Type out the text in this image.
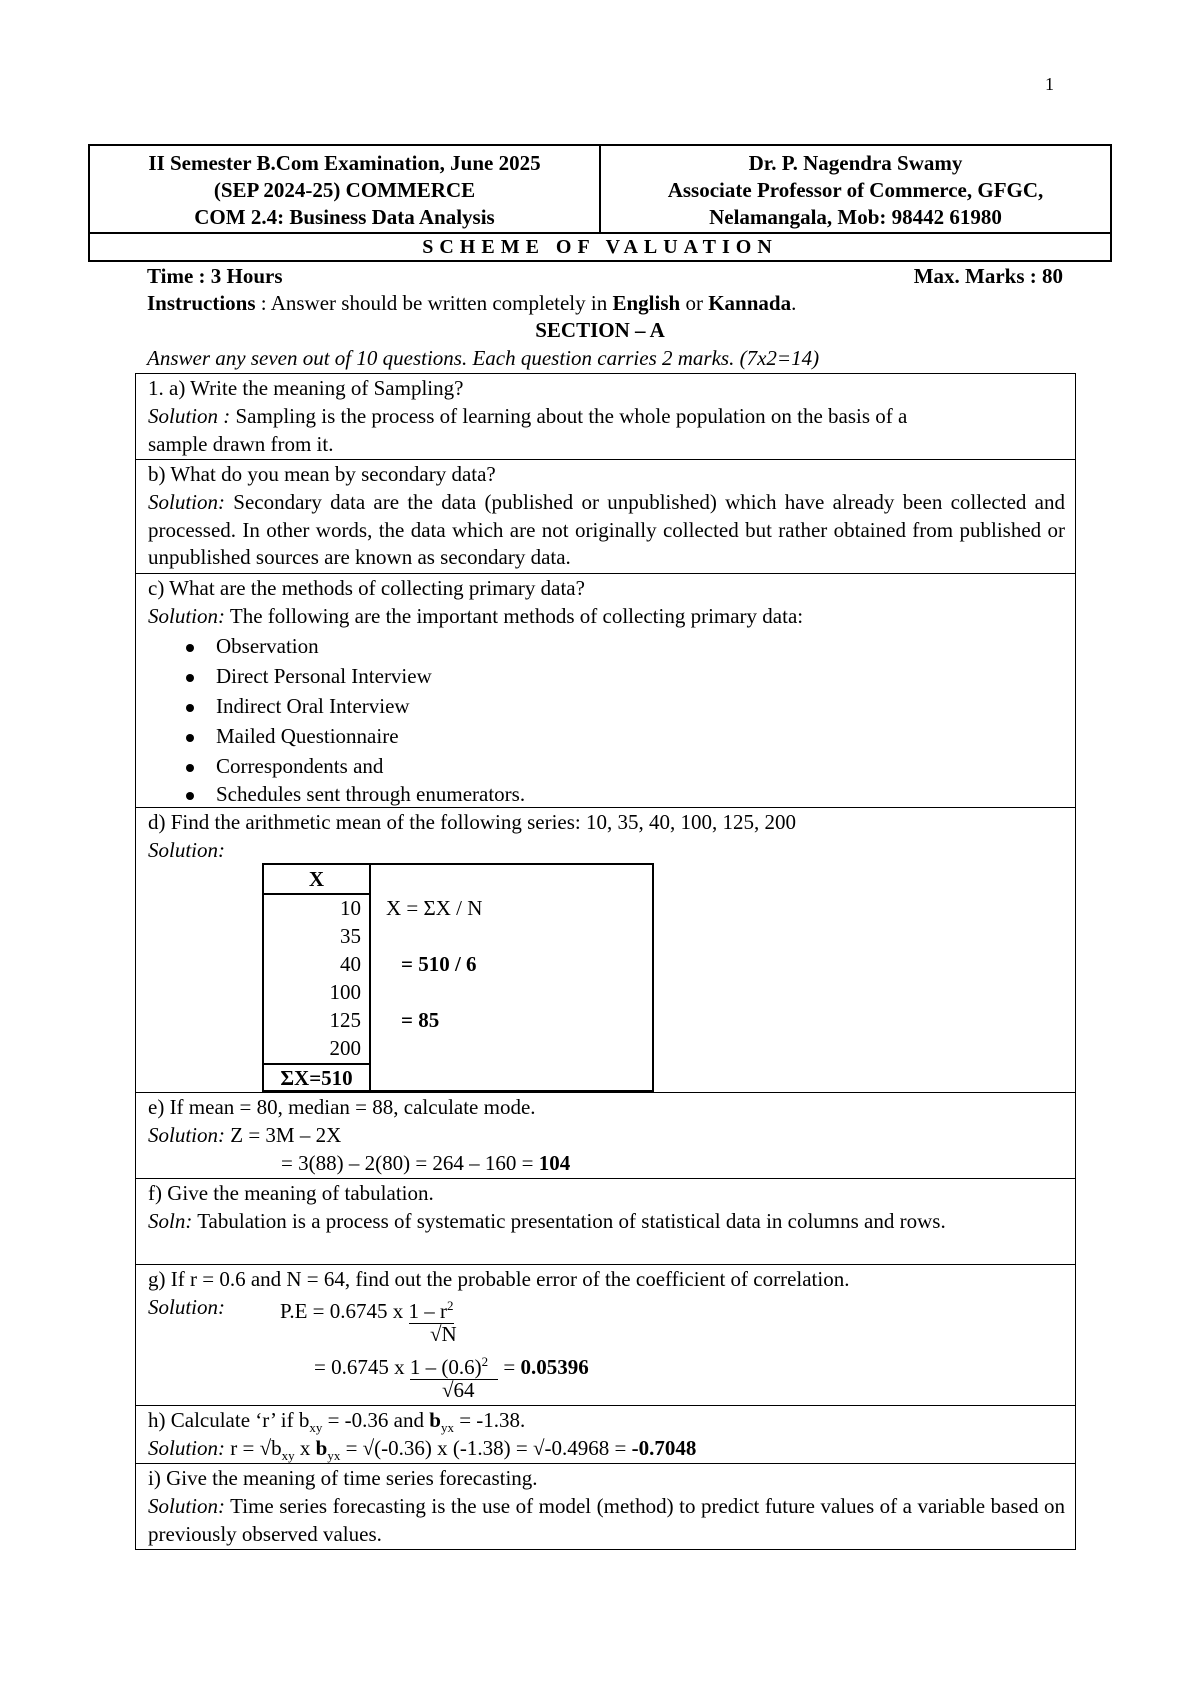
1
II Semester B.Com Examination, June 2025
(SEP 2024-25) COMMERCE
COM 2.4: Business Data Analysis
Dr. P. Nagendra Swamy
Associate Professor of Commerce, GFGC,
Nelamangala, Mob: 98442 61980
SCHEME OF VALUATION
Time : 3 Hours	Max. Marks : 80
Instructions : Answer should be written completely in English or Kannada.
SECTION – A
Answer any seven out of 10 questions. Each question carries 2 marks. (7x2=14)
1. a) Write the meaning of Sampling?
Solution : Sampling is the process of learning about the whole population on the basis of a
sample drawn from it.
b) What do you mean by secondary data?
Solution: Secondary data are the data (published or unpublished) which have already been collected and processed. In other words, the data which are not originally collected but rather obtained from published or unpublished sources are known as secondary data.
c) What are the methods of collecting primary data?
Solution: The following are the important methods of collecting primary data:
Observation
Direct Personal Interview
Indirect Oral Interview
Mailed Questionnaire
Correspondents and
Schedules sent through enumerators.
d) Find the arithmetic mean of the following series: 10, 35, 40, 100, 125, 200
Solution:
X
10
35
40
100
125
200
ΣX=510
X = ΣX / N
= 510 / 6
= 85
e) If mean = 80, median = 88, calculate mode.
Solution: Z = 3M – 2X
= 3(88) – 2(80) = 264 – 160 = 104
f) Give the meaning of tabulation.
Soln: Tabulation is a process of systematic presentation of statistical data in columns and rows.
g) If r = 0.6 and N = 64, find out the probable error of the coefficient of correlation.
Solution:	P.E = 0.6745 x $1 - r^2$
√N
= 0.6745 x $1 - (0.6)^2 = 0.05396$
√64
h) Calculate ‘r’ if $b_{xy} = -0.36$ and $b_{yx} = -1.38$.
Solution: $r = √b_{xy}$ x $b_{yx} = √(-0.36)$ x (-1.38) = √-0.4968 = -0.7048
i) Give the meaning of time series forecasting.
Solution: Time series forecasting is the use of model (method) to predict future values of a variable based on previously observed values.
